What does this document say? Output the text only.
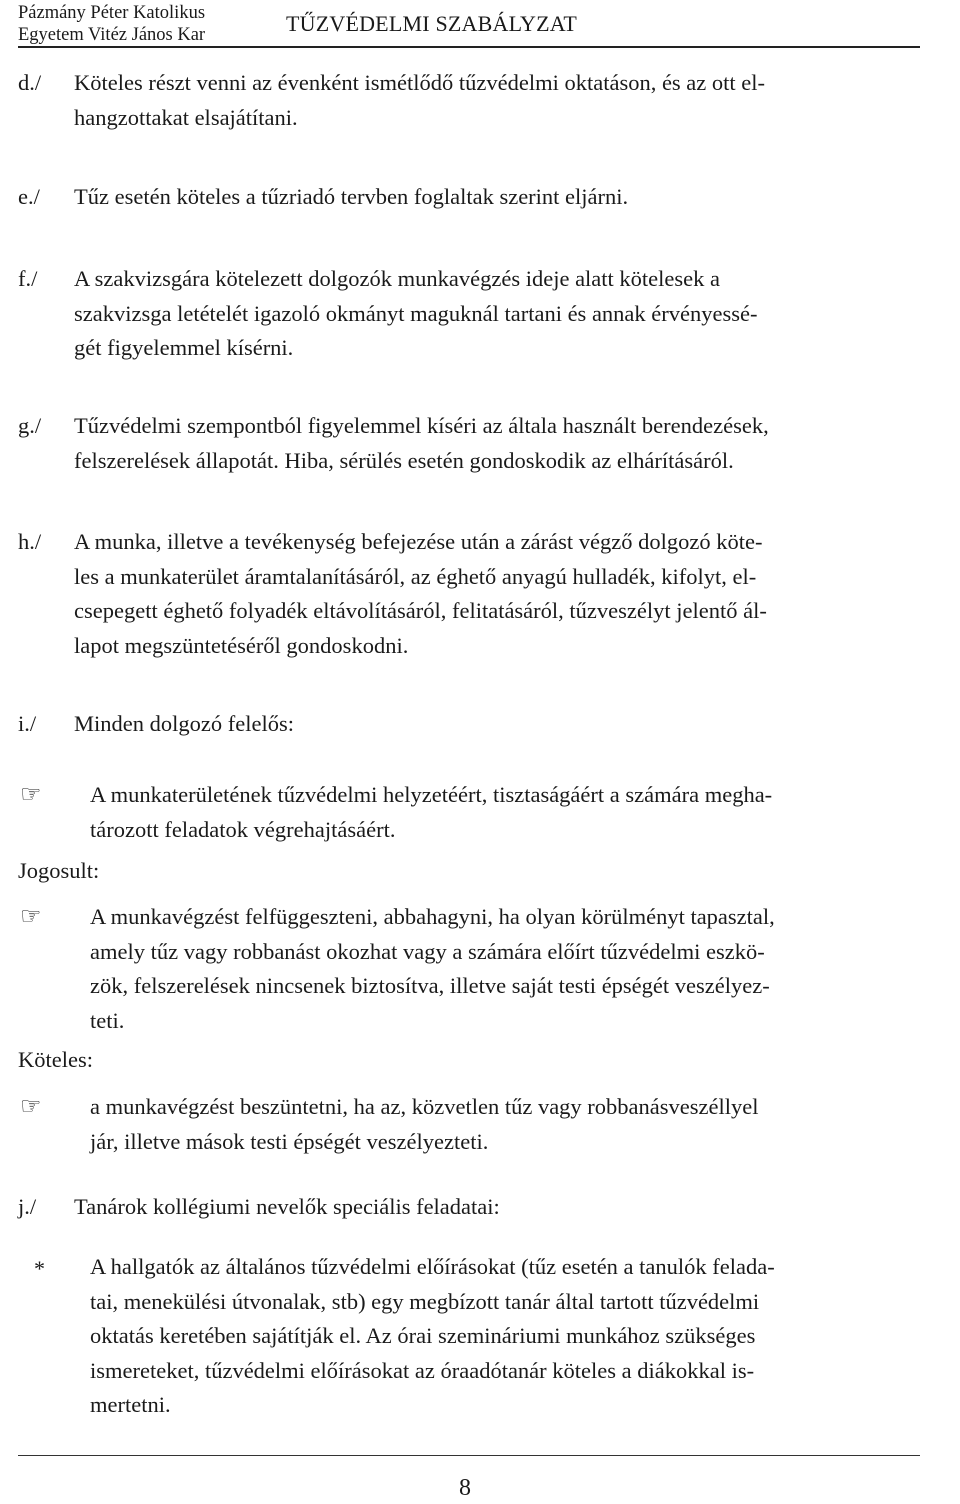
Pázmány Péter Katolikus
Egyetem Vitéz János Kar	TŰZVÉDELMI SZABÁLYZAT
d./ Köteles részt venni az évenként ismétlődő tűzvédelmi oktatáson, és az ott el-
hangzottakat elsajátítani.
e./ Tűz esetén köteles a tűzriadó tervben foglaltak szerint eljárni.
f./ A szakvizsgára kötelezett dolgozók munkavégzés ideje alatt kötelesek a
szakvizsga letételét igazoló okmányt maguknál tartani és annak érvényessé-
gét figyelemmel kísérni.
g./ Tűzvédelmi szempontból figyelemmel kíséri az általa használt berendezések,
felszerelések állapotát. Hiba, sérülés esetén gondoskodik az elhárításáról.
h./ A munka, illetve a tevékenység befejezése után a zárást végző dolgozó köte-
les a munkaterület áramtalanításáról, az éghető anyagú hulladék, kifolyt, el-
csepegett éghető folyadék eltávolításáról, felitatásáról, tűzveszélyt jelentő ál-
lapot megszüntetéséről gondoskodni.
i./ Minden dolgozó felelős:
☞ A munkaterületének tűzvédelmi helyzetéért, tisztaságáért a számára megha-
tározott feladatok végrehajtásáért.
Jogosult:
☞ A munkavégzést felfüggeszteni, abbahagyni, ha olyan körülményt tapasztal,
amely tűz vagy robbanást okozhat vagy a számára előírt tűzvédelmi eszkö-
zök, felszerelések nincsenek biztosítva, illetve saját testi épségét veszélyez-
teti.
Köteles:
☞ a munkavégzést beszüntetni, ha az, közvetlen tűz vagy robbanásveszéllyel
jár, illetve mások testi épségét veszélyezteti.
j./ Tanárok kollégiumi nevelők speciális feladatai:
* A hallgatók az általános tűzvédelmi előírásokat (tűz esetén a tanulók felada-
tai, menekülési útvonalak, stb) egy megbízott tanár által tartott tűzvédelmi
oktatás keretében sajátítják el. Az órai szemináriumi munkához szükséges
ismereteket, tűzvédelmi előírásokat az óraadótanár köteles a diákokkal is-
mertetni.
8
